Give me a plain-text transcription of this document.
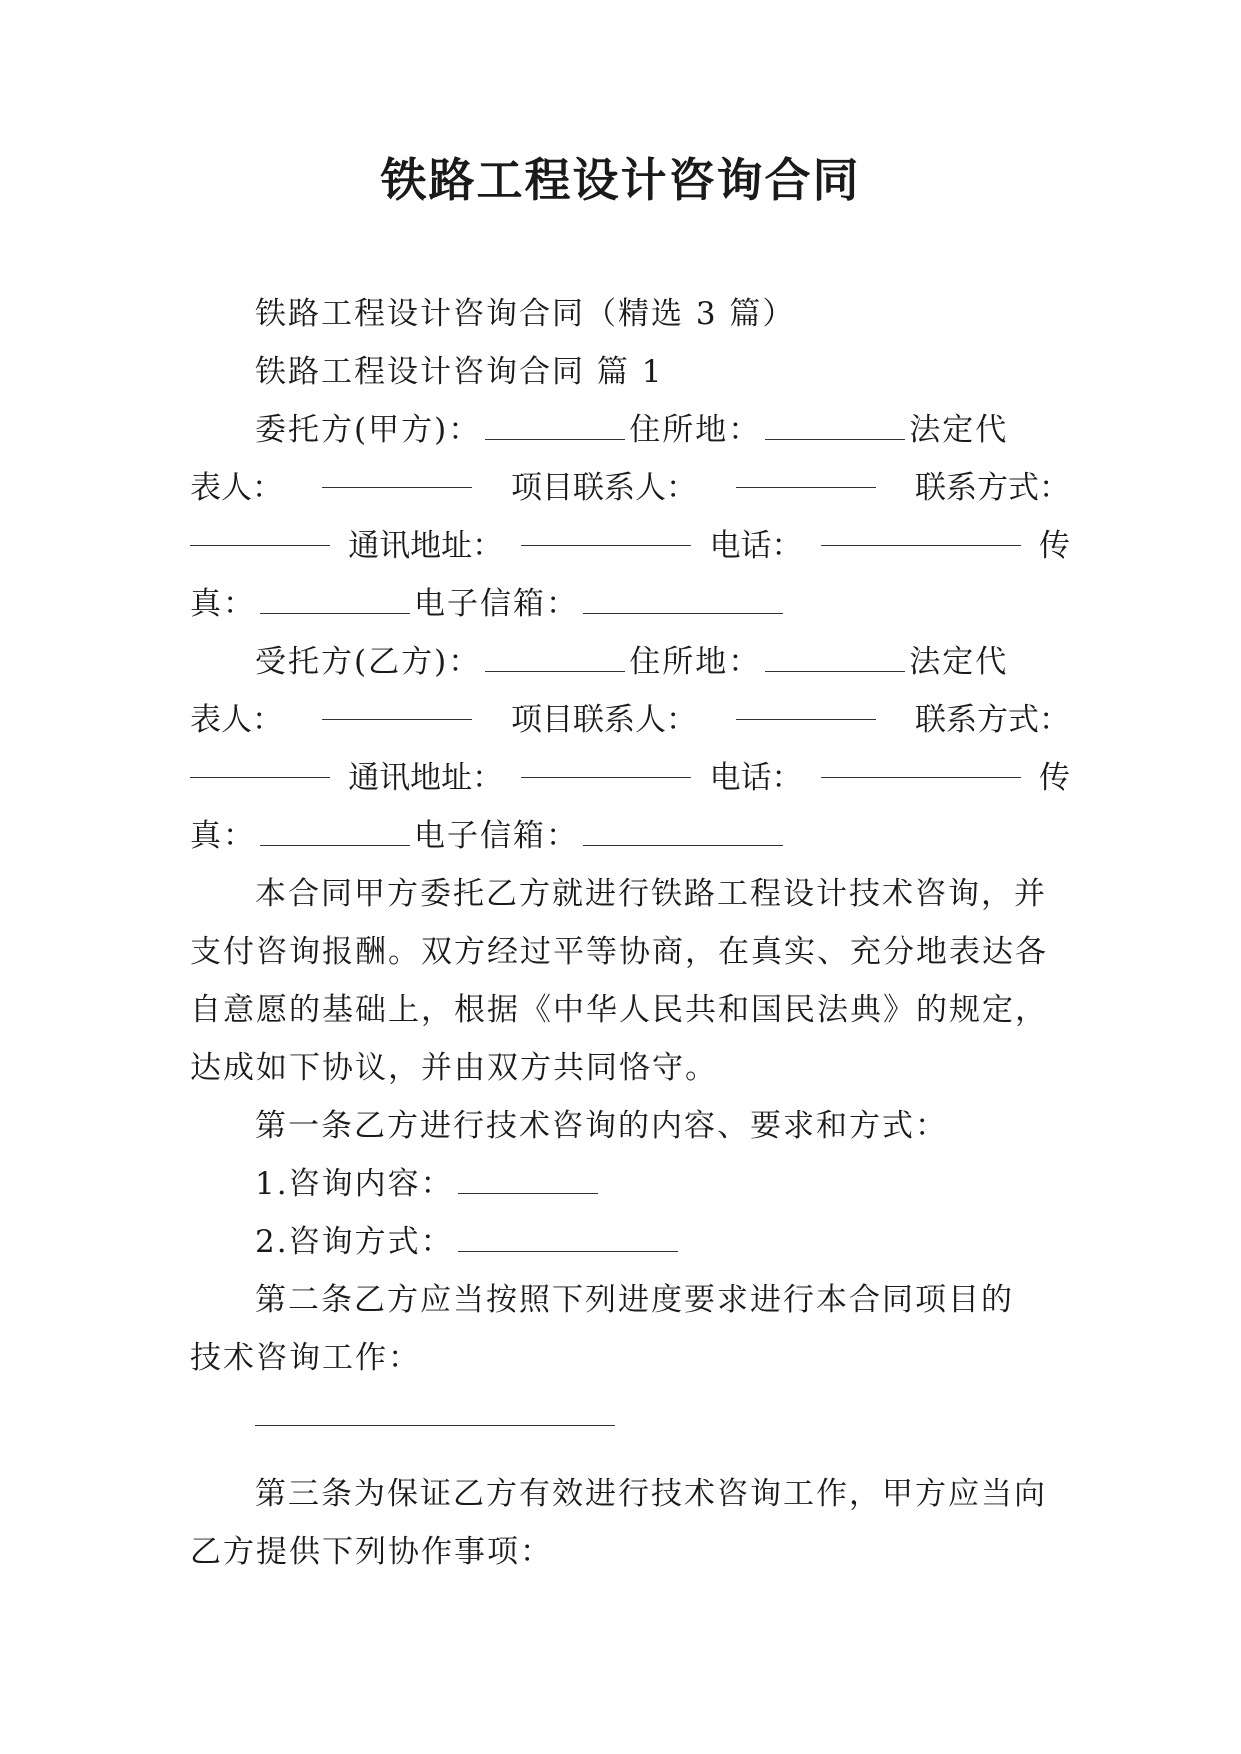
铁路工程设计咨询合同
铁路工程设计咨询合同（精选 3 篇）
铁路工程设计咨询合同 篇 1
委托方(甲方)：	住所地：	法定代
表人：	项目联系人：	联系方式：
通讯地址：	电话：	传
真：	电子信箱：
受托方(乙方)：	住所地：	法定代
表人：	项目联系人：	联系方式：
通讯地址：	电话：	传
真：	电子信箱：
本合同甲方委托乙方就进行铁路工程设计技术咨询，并
支付咨询报酬。双方经过平等协商，在真实、充分地表达各
自意愿的基础上，根据《中华人民共和国民法典》的规定，
达成如下协议，并由双方共同恪守。
第一条乙方进行技术咨询的内容、要求和方式：
1.咨询内容：
2.咨询方式：
第二条乙方应当按照下列进度要求进行本合同项目的
技术咨询工作：
第三条为保证乙方有效进行技术咨询工作，甲方应当向
乙方提供下列协作事项：
